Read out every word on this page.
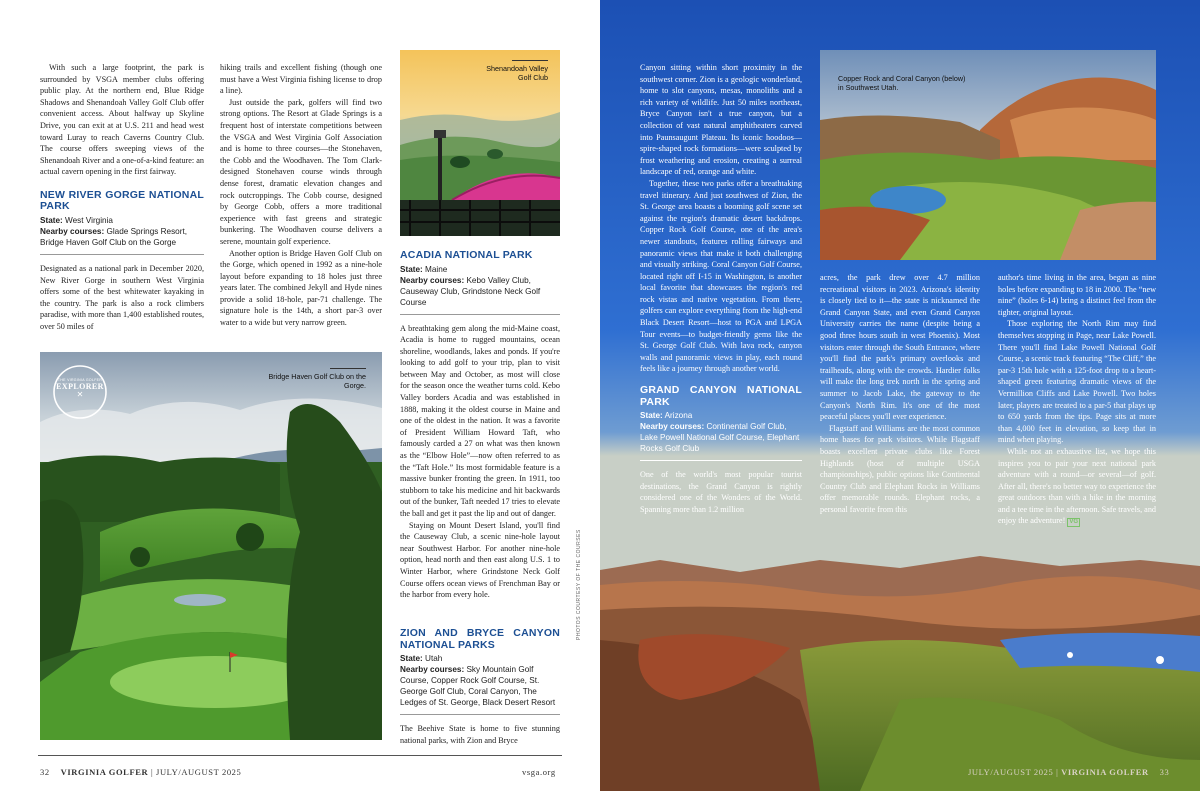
With such a large footprint, the park is surrounded by VSGA member clubs offering public play. At the northern end, Blue Ridge Shadows and Shenandoah Valley Golf Club offer convenient access. About halfway up Skyline Drive, you can exit at at U.S. 211 and head west toward Luray to reach Caverns Country Club. The course offers sweeping views of the Shenandoah River and a one-of-a-kind feature: an actual cavern opening in the first fairway.

NEW RIVER GORGE NATIONAL PARK
State: West Virginia
Nearby courses: Glade Springs Resort, Bridge Haven Golf Club on the Gorge

Designated as a national park in December 2020, New River Gorge in southern West Virginia offers some of the best whitewater kayaking in the country. The park is also a rock climbers paradise, with more than 1,400 established routes, over 50 miles of

hiking trails and excellent fishing (though one must have a West Virginia fishing license to drop a line).

Just outside the park, golfers will find two strong options. The Resort at Glade Springs is a frequent host of interstate competitions between the VSGA and West Virginia Golf Association and is home to three courses—the Stonehaven, the Cobb and the Woodhaven. The Tom Clark-designed Stonehaven course winds through dense forest, dramatic elevation changes and rock outcroppings. The Cobb course, designed by George Cobb, offers a more traditional experience with fast greens and strategic bunkering. The Woodhaven course delivers a serene, mountain golf experience.

Another option is Bridge Haven Golf Club on the Gorge, which opened in 1992 as a nine-hole layout before expanding to 18 holes just three years later. The combined Jekyll and Hyde nines provide a solid 18-hole, par-71 challenge. The signature hole is the 14th, a short par-3 over water to a wide but very narrow green.

Shenandoah Valley Golf Club
ACADIA NATIONAL PARK
State: Maine
Nearby courses: Kebo Valley Club, Causeway Club, Grindstone Neck Golf Course

A breathtaking gem along the mid-Maine coast, Acadia is home to rugged mountains, ocean shoreline, woodlands, lakes and ponds. If you're looking to add golf to your trip, plan to visit between May and October, as most will close for the season once the weather turns cold. Kebo Valley borders Acadia and was established in 1888, making it the oldest course in Maine and one of the oldest in the nation. It was a favorite of President William Howard Taft, who famously carded a 27 on what was then known as the “Elbow Hole”—now often referred to as the “Taft Hole.” Its most formidable feature is a massive bunker fronting the green. In 1911, too stubborn to take his medicine and hit backwards out of the bunker, Taft needed 17 tries to elevate the ball and get it past the lip and out of danger.

Staying on Mount Desert Island, you'll find the Causeway Club, a scenic nine-hole layout near Southwest Harbor. For another nine-hole option, head north and then east along U.S. 1 to Winter Harbor, where Grindstone Neck Golf Course offers ocean views of Frenchman Bay or the harbor from every hole.

ZION AND BRYCE CANYON NATIONAL PARKS
State: Utah
Nearby courses: Sky Mountain Golf Course, Copper Rock Golf Course, St. George Golf Club, Coral Canyon, The Ledges of St. George, Black Desert Resort

The Beehive State is home to five stunning national parks, with Zion and Bryce

THE VIRGINIA GOLFER
EXPLORER
✕
Bridge Haven Golf Club on the Gorge.
32 VIRGINIA GOLFER | JULY/AUGUST 2025	vsga.org
PHOTOS COURTESY OF THE COURSES

Canyon sitting within short proximity in the southwest corner. Zion is a geologic wonderland, home to slot canyons, mesas, monoliths and a rich variety of wildlife. Just 50 miles northeast, Bryce Canyon isn't a true canyon, but a collection of vast natural amphitheaters carved into Paunsaugunt Plateau. Its iconic hoodoos—spire-shaped rock formations—were sculpted by frost weathering and erosion, creating a surreal landscape of red, orange and white.

Together, these two parks offer a breathtaking travel itinerary. And just southwest of Zion, the St. George area boasts a booming golf scene set against the region's dramatic desert backdrops. Copper Rock Golf Course, one of the area's newer standouts, features rolling fairways and panoramic views that make it both challenging and visually striking. Coral Canyon Golf Course, located right off I-15 in Washington, is another local favorite that showcases the region's red rock vistas and native vegetation. From there, golfers can explore everything from the high-end Black Desert Resort—host to PGA and LPGA Tour events—to budget-friendly gems like the St. George Golf Club. With lava rock, canyon walls and panoramic views in play, each round feels like a journey through another world.

GRAND CANYON NATIONAL PARK
State: Arizona
Nearby courses: Continental Golf Club, Lake Powell National Golf Course, Elephant Rocks Golf Club

One of the world's most popular tourist destinations, the Grand Canyon is rightly considered one of the Wonders of the World. Spanning more than 1.2 million

Copper Rock and Coral Canyon (below) in Southwest Utah.

acres, the park drew over 4.7 million recreational visitors in 2023. Arizona's identity is closely tied to it—the state is nicknamed the Grand Canyon State, and even Grand Canyon University carries the name (despite being a good three hours south in west Phoenix). Most visitors enter through the South Entrance, where you'll find the park's primary overlooks and trailheads, along with the crowds. Hardier folks will make the long trek north in the spring and summer to Jacob Lake, the gateway to the Canyon's North Rim. It's one of the most peaceful places you'll ever experience.

Flagstaff and Williams are the most common home bases for park visitors. While Flagstaff boasts excellent private clubs like Forest Highlands (host of multiple USGA championships), public options like Continental Country Club and Elephant Rocks in Williams offer memorable rounds. Elephant rocks, a personal favorite from this

author's time living in the area, began as nine holes before expanding to 18 in 2000. The “new nine” (holes 6-14) bring a distinct feel from the tighter, original layout.

Those exploring the North Rim may find themselves stopping in Page, near Lake Powell. There you'll find Lake Powell National Golf Course, a scenic track featuring “The Cliff,” the par-3 15th hole with a 125-foot drop to a heart-shaped green featuring dramatic views of the Vermillion Cliffs and Lake Powell. Two holes later, players are treated to a par-5 that plays up to 650 yards from the tips. Page sits at more than 4,000 feet in elevation, so keep that in mind when playing.

While not an exhaustive list, we hope this inspires you to pair your next national park adventure with a round—or several—of golf. After all, there's no better way to experience the great outdoors than with a hike in the morning and a tee time in the afternoon. Safe travels, and enjoy the adventure! VG

JULY/AUGUST 2025 | VIRGINIA GOLFER 33
